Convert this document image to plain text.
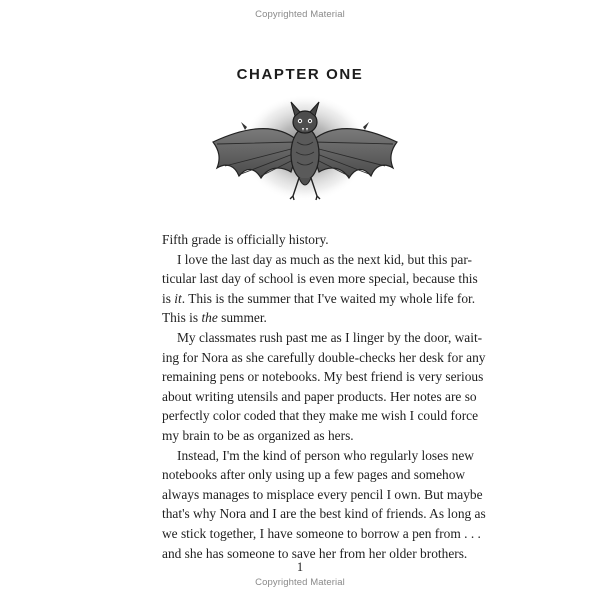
Copyrighted Material
CHAPTER ONE
Fifth grade is officially history.
I love the last day as much as the next kid, but this par-
ticular last day of school is even more special, because this
is it. This is the summer that I've waited my whole life for.
This is the summer.
My classmates rush past me as I linger by the door, wait-
ing for Nora as she carefully double-checks her desk for any
remaining pens or notebooks. My best friend is very serious
about writing utensils and paper products. Her notes are so
perfectly color coded that they make me wish I could force
my brain to be as organized as hers.
Instead, I'm the kind of person who regularly loses new
notebooks after only using up a few pages and somehow
always manages to misplace every pencil I own. But maybe
that's why Nora and I are the best kind of friends. As long as
we stick together, I have someone to borrow a pen from . . .
and she has someone to save her from her older brothers.
1
Copyrighted Material
